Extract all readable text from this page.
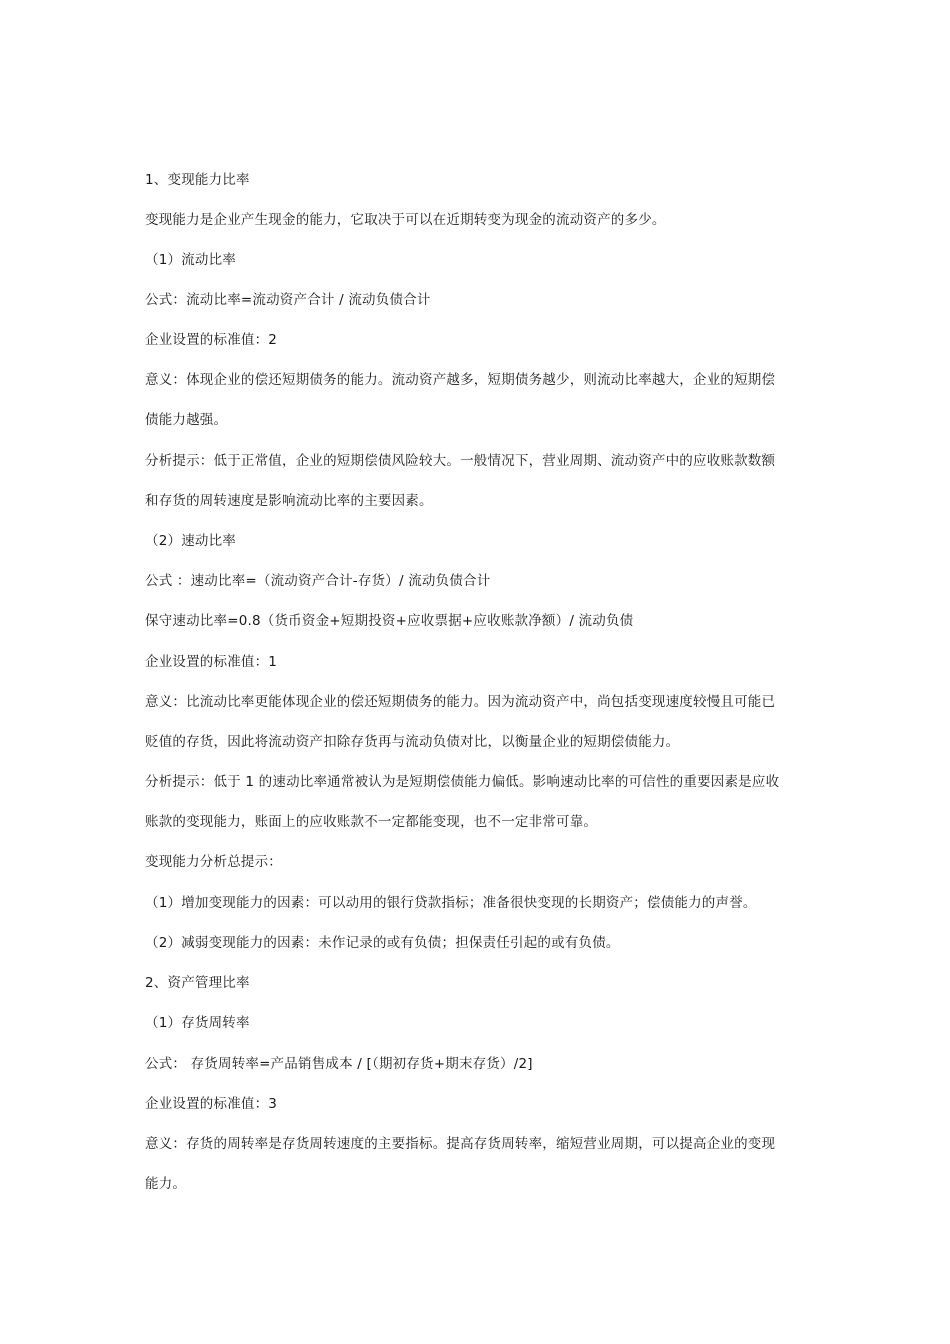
1、变现能力比率
变现能力是企业产生现金的能力，它取决于可以在近期转变为现金的流动资产的多少。
（1）流动比率
公式：流动比率=流动资产合计 / 流动负债合计
企业设置的标准值：2
意义：体现企业的偿还短期债务的能力。流动资产越多，短期债务越少，则流动比率越大，企业的短期偿
债能力越强。
分析提示：低于正常值，企业的短期偿债风险较大。一般情况下，营业周期、流动资产中的应收账款数额
和存货的周转速度是影响流动比率的主要因素。
（2）速动比率
公式 ：速动比率=（流动资产合计-存货）/ 流动负债合计
保守速动比率=0.8（货币资金+短期投资+应收票据+应收账款净额）/ 流动负债
企业设置的标准值：1
意义：比流动比率更能体现企业的偿还短期债务的能力。因为流动资产中，尚包括变现速度较慢且可能已
贬值的存货，因此将流动资产扣除存货再与流动负债对比，以衡量企业的短期偿债能力。
分析提示：低于 1 的速动比率通常被认为是短期偿债能力偏低。影响速动比率的可信性的重要因素是应收
账款的变现能力，账面上的应收账款不一定都能变现，也不一定非常可靠。
变现能力分析总提示：
（1）增加变现能力的因素：可以动用的银行贷款指标；准备很快变现的长期资产；偿债能力的声誉。
（2）减弱变现能力的因素：未作记录的或有负债；担保责任引起的或有负债。
2、资产管理比率
（1）存货周转率
公式： 存货周转率=产品销售成本 / [（期初存货+期末存货）/2]
企业设置的标准值：3
意义：存货的周转率是存货周转速度的主要指标。提高存货周转率，缩短营业周期，可以提高企业的变现
能力。
